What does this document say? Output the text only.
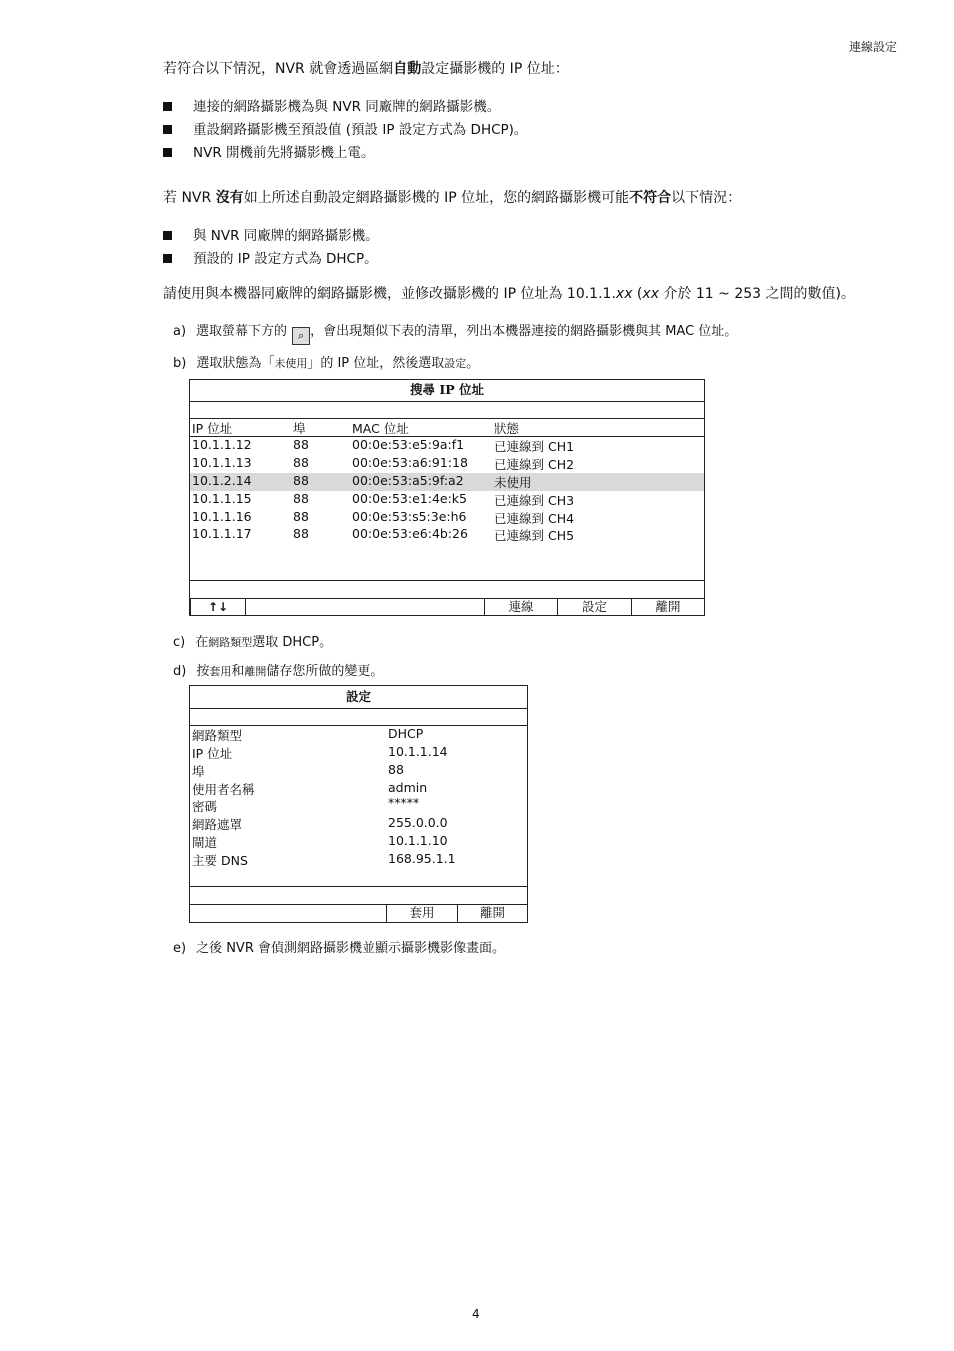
連線設定
若符合以下情況，NVR 就會透過區網自動設定攝影機的 IP 位址：
連接的網路攝影機為與 NVR 同廠牌的網路攝影機。
重設網路攝影機至預設值 (預設 IP 設定方式為 DHCP)。
NVR 開機前先將攝影機上電。
若 NVR 沒有如上所述自動設定網路攝影機的 IP 位址，您的網路攝影機可能不符合以下情況：
與 NVR 同廠牌的網路攝影機。
預設的 IP 設定方式為 DHCP。
請使用與本機器同廠牌的網路攝影機，並修改攝影機的 IP 位址為 10.1.1.xx (xx 介於 11 ~ 253 之間的數值)。
a) 選取螢幕下方的 ⌕ ，會出現類似下表的清單，列出本機器連接的網路攝影機與其 MAC 位址。
b) 選取狀態為「未使用」的 IP 位址，然後選取設定。
搜尋 IP 位址
IP 位址	埠	MAC 位址	狀態
10.1.1.12	88	00:0e:53:e5:9a:f1 已連線到 CH1
10.1.1.13	88	00:0e:53:a6:91:18 已連線到 CH2
10.1.2.14	88	00:0e:53:a5:9f:a2 未使用
10.1.1.15	88	00:0e:53:e1:4e:k5 已連線到 CH3
10.1.1.16	88	00:0e:53:s5:3e:h6 已連線到 CH4
10.1.1.17	88	00:0e:53:e6:4b:26 已連線到 CH5
↑↓	連線	設定	離開
c) 在網路類型選取 DHCP。
d) 按套用和離開儲存您所做的變更。
設定
網路類型	DHCP
IP 位址	10.1.1.14
埠	88
使用者名稱	admin
密碼	*****
網路遮罩	255.0.0.0
閘道	10.1.1.10
主要 DNS	168.95.1.1
套用	離開
e) 之後 NVR 會偵測網路攝影機並顯示攝影機影像畫面。
4
